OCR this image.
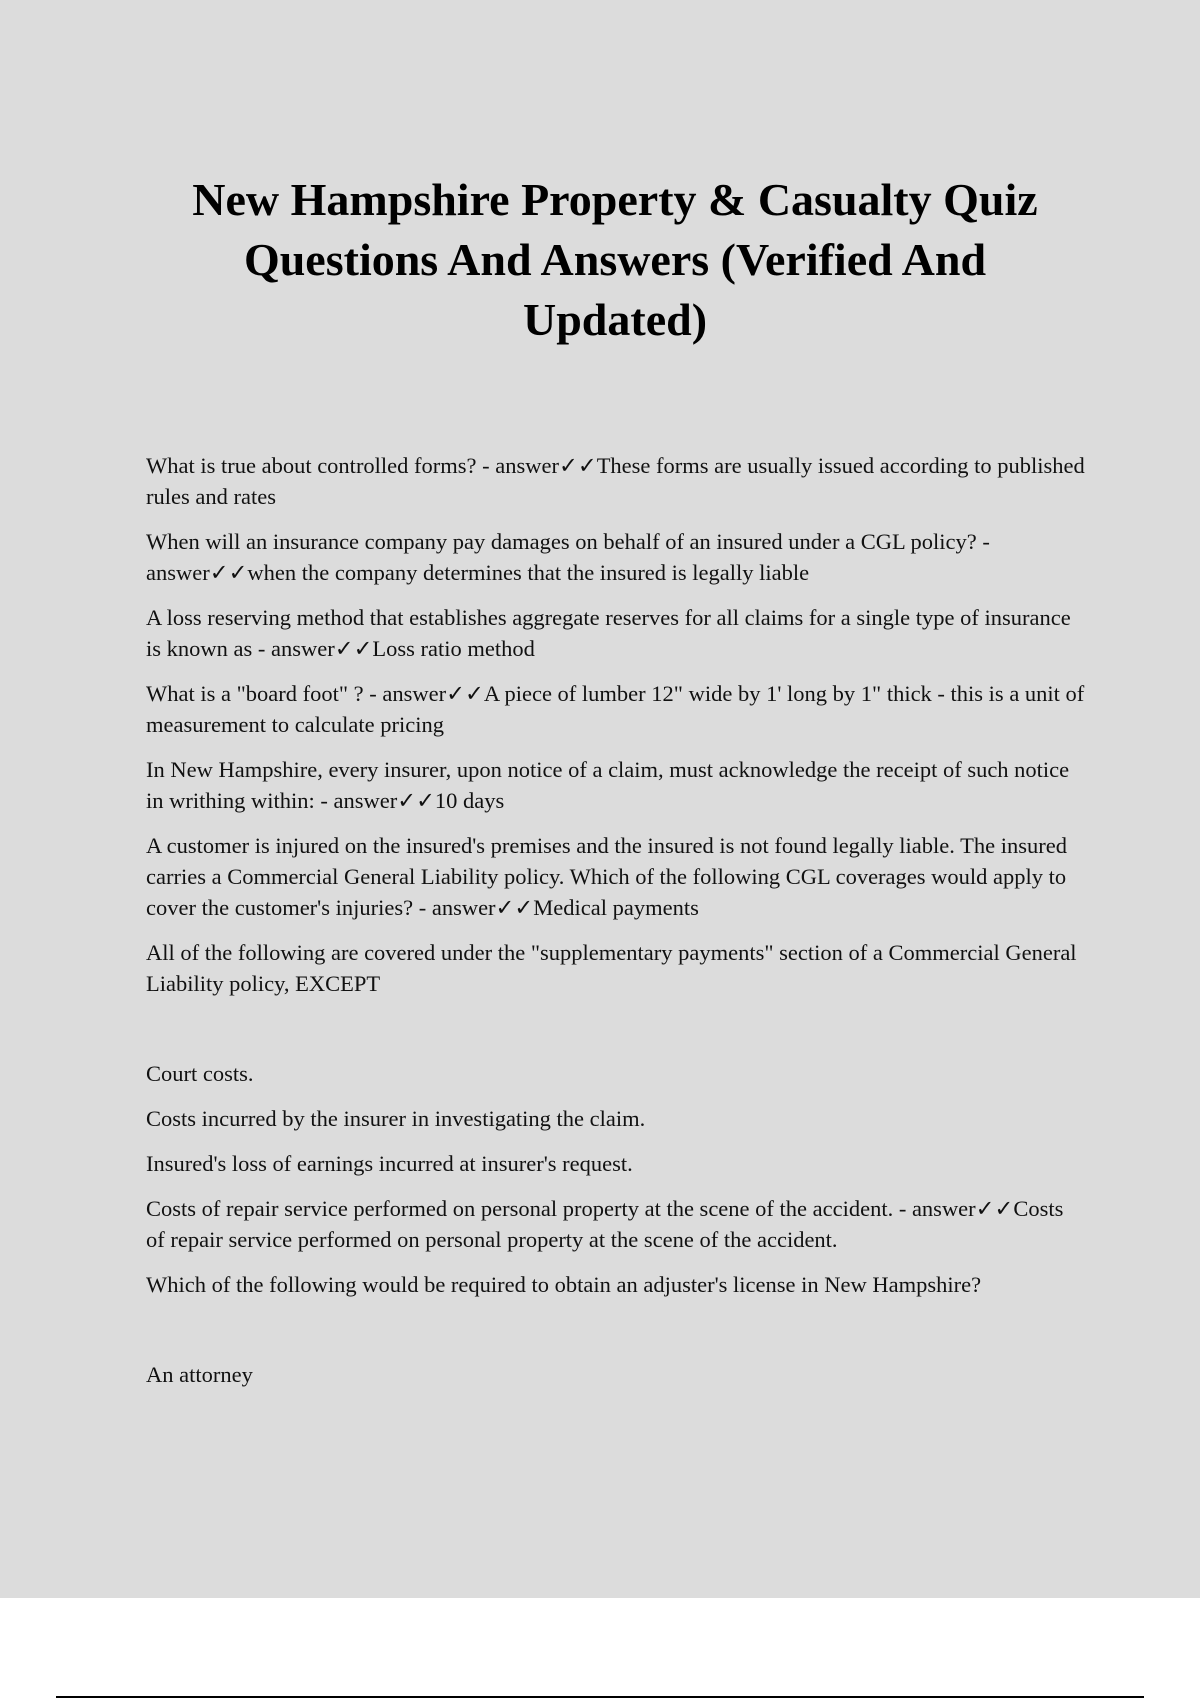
New Hampshire Property & Casualty Quiz Questions And Answers (Verified And Updated)

What is true about controlled forms? - answer✓✓These forms are usually issued according to published rules and rates

When will an insurance company pay damages on behalf of an insured under a CGL policy? - answer✓✓when the company determines that the insured is legally liable

A loss reserving method that establishes aggregate reserves for all claims for a single type of insurance is known as - answer✓✓Loss ratio method

What is a "board foot" ? - answer✓✓A piece of lumber 12" wide by 1' long by 1" thick - this is a unit of measurement to calculate pricing

In New Hampshire, every insurer, upon notice of a claim, must acknowledge the receipt of such notice in writhing within: - answer✓✓10 days

A customer is injured on the insured's premises and the insured is not found legally liable. The insured carries a Commercial General Liability policy. Which of the following CGL coverages would apply to cover the customer's injuries? - answer✓✓Medical payments

All of the following are covered under the "supplementary payments" section of a Commercial General Liability policy, EXCEPT

Court costs.

Costs incurred by the insurer in investigating the claim.

Insured's loss of earnings incurred at insurer's request.

Costs of repair service performed on personal property at the scene of the accident. - answer✓✓Costs of repair service performed on personal property at the scene of the accident.

Which of the following would be required to obtain an adjuster's license in New Hampshire?

An attorney
